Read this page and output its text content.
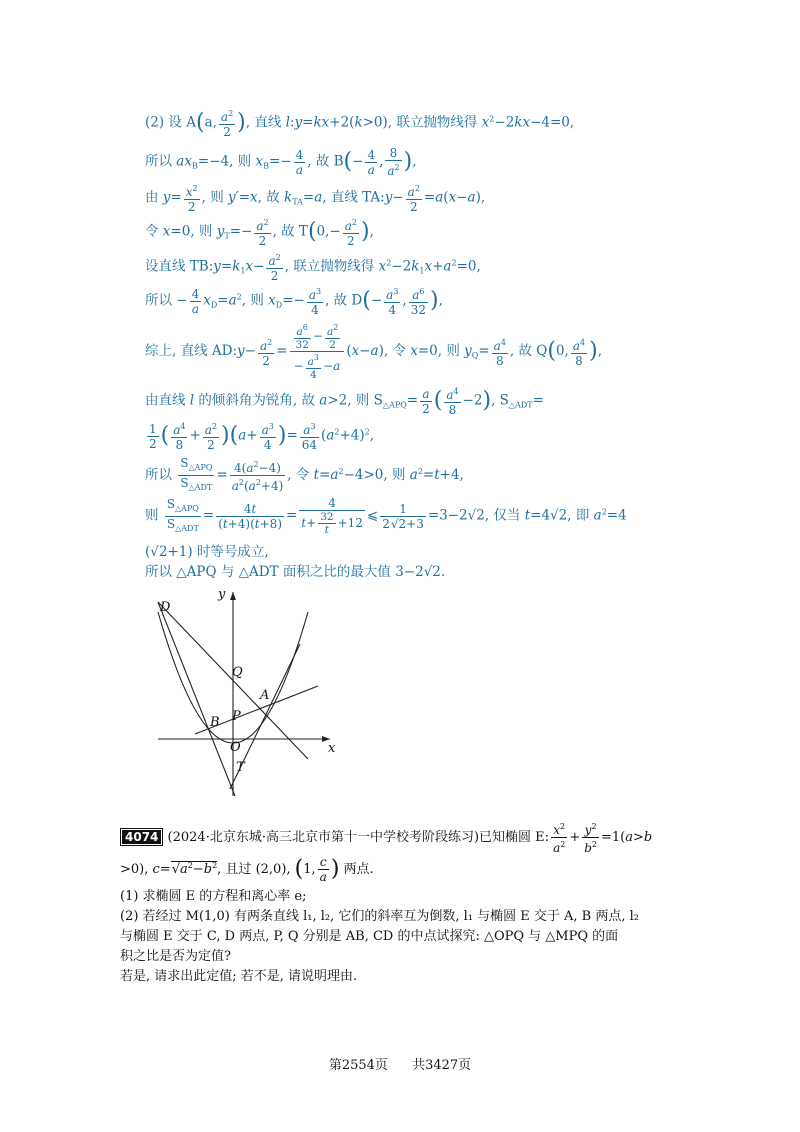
(2) 设 A(a, $\frac{a^2}{2}$ ), 直线 l:y=kx+2(k>0), 联立抛物线得 $x^2-2kx-4=0$,
所以 $ax_B=-4$, 则 $x_B=- \frac{4}{a}$ , 故 $B(- \frac{4}{a}$ , $\frac{8}{a^2}$ ),
由 $y= \frac{x^2}{2}$ , 则 y′=x, 故 $k_{TA}=a$, 直线 TA:y− $\frac{a^2}{2} =a(x-a)$,
令 x=0, 则 $y_T=- \frac{a^2}{2}$ , 故 $T(0,- \frac{a^2}{2}$ ),
设直线 $TB:y=k_1x- \frac{a^2}{2}$ , 联立抛物线得 $x^2-2k_1x+a^2=0$,
所以 − $\frac{4}{a} x_D=a^2$, 则 $x_D=- \frac{a^3}{4}$ , 故 $D(- \frac{a^3}{4}$ , $\frac{a^6}{32}$ ),
综上, 直线 AD:y− $\frac{a^2}{2} = \frac{\frac{a^6}{32} - \frac{a^2}{2}}{- \frac{a^3}{4} -a} (x-a)$, 令 x=0, 则 $y_Q= \frac{a^4}{8}$ , 故 Q(0, $\frac{a^4}{8}$ ),
由直线 l 的倾斜角为锐角, 故 a>2, 则 $S_{\triangle APQ}= \frac{a}{2}$ ( $\frac{a^4}{8} -2$), $S_{\triangle ADT}=$
$\frac{1}{2}$ ( $\frac{a^4}{8} + \frac{a^2}{2} )(a+ \frac{a^3}{4}$ )= $\frac{a^3}{64} (a^2+4)^2$,
所以 $\frac{S_{\triangle APQ}}{S_{\triangle ADT}} = \frac{4(a^2-4)}{a^2(a^2+4)}$ , 令 $t=a^2-4>0$, 则 $a^2=t+4$,
则 $\frac{S_{\triangle APQ}}{S_{\triangle ADT}} = \frac{4t}{(t+4)(t+8)} = \frac{4}{t+ \frac{32}{t} +12}$ ⩽ $\frac{1}{2√2+3} =3-2√2$, 仅当 t=4√2, 即 $a^2=4$
(√2+1) 时等号成立,
所以 △APQ 与 △ADT 面积之比的最大值 3−2√2.
D
y
Q
A
P
B
O
T
x
4074 (2024·北京东城·高三北京市第十一中学校考阶段练习)已知椭圆 E: $\frac{x^2}{a^2} + \frac{y^2}{b^2} =1(a>b$
>0), $c=√a^2-b^2$, 且过 (2,0), (1, $\frac{c}{a}$ ) 两点.
(1) 求椭圆 E 的方程和离心率 e;
(2) 若经过 M(1,0) 有两条直线 l₁, l₂, 它们的斜率互为倒数, l₁ 与椭圆 E 交于 A, B 两点, l₂
与椭圆 E 交于 C, D 两点, P, Q 分别是 AB, CD 的中点试探究: △OPQ 与 △MPQ 的面
积之比是否为定值?
若是, 请求出此定值; 若不是, 请说明理由.
第2554页 共3427页
